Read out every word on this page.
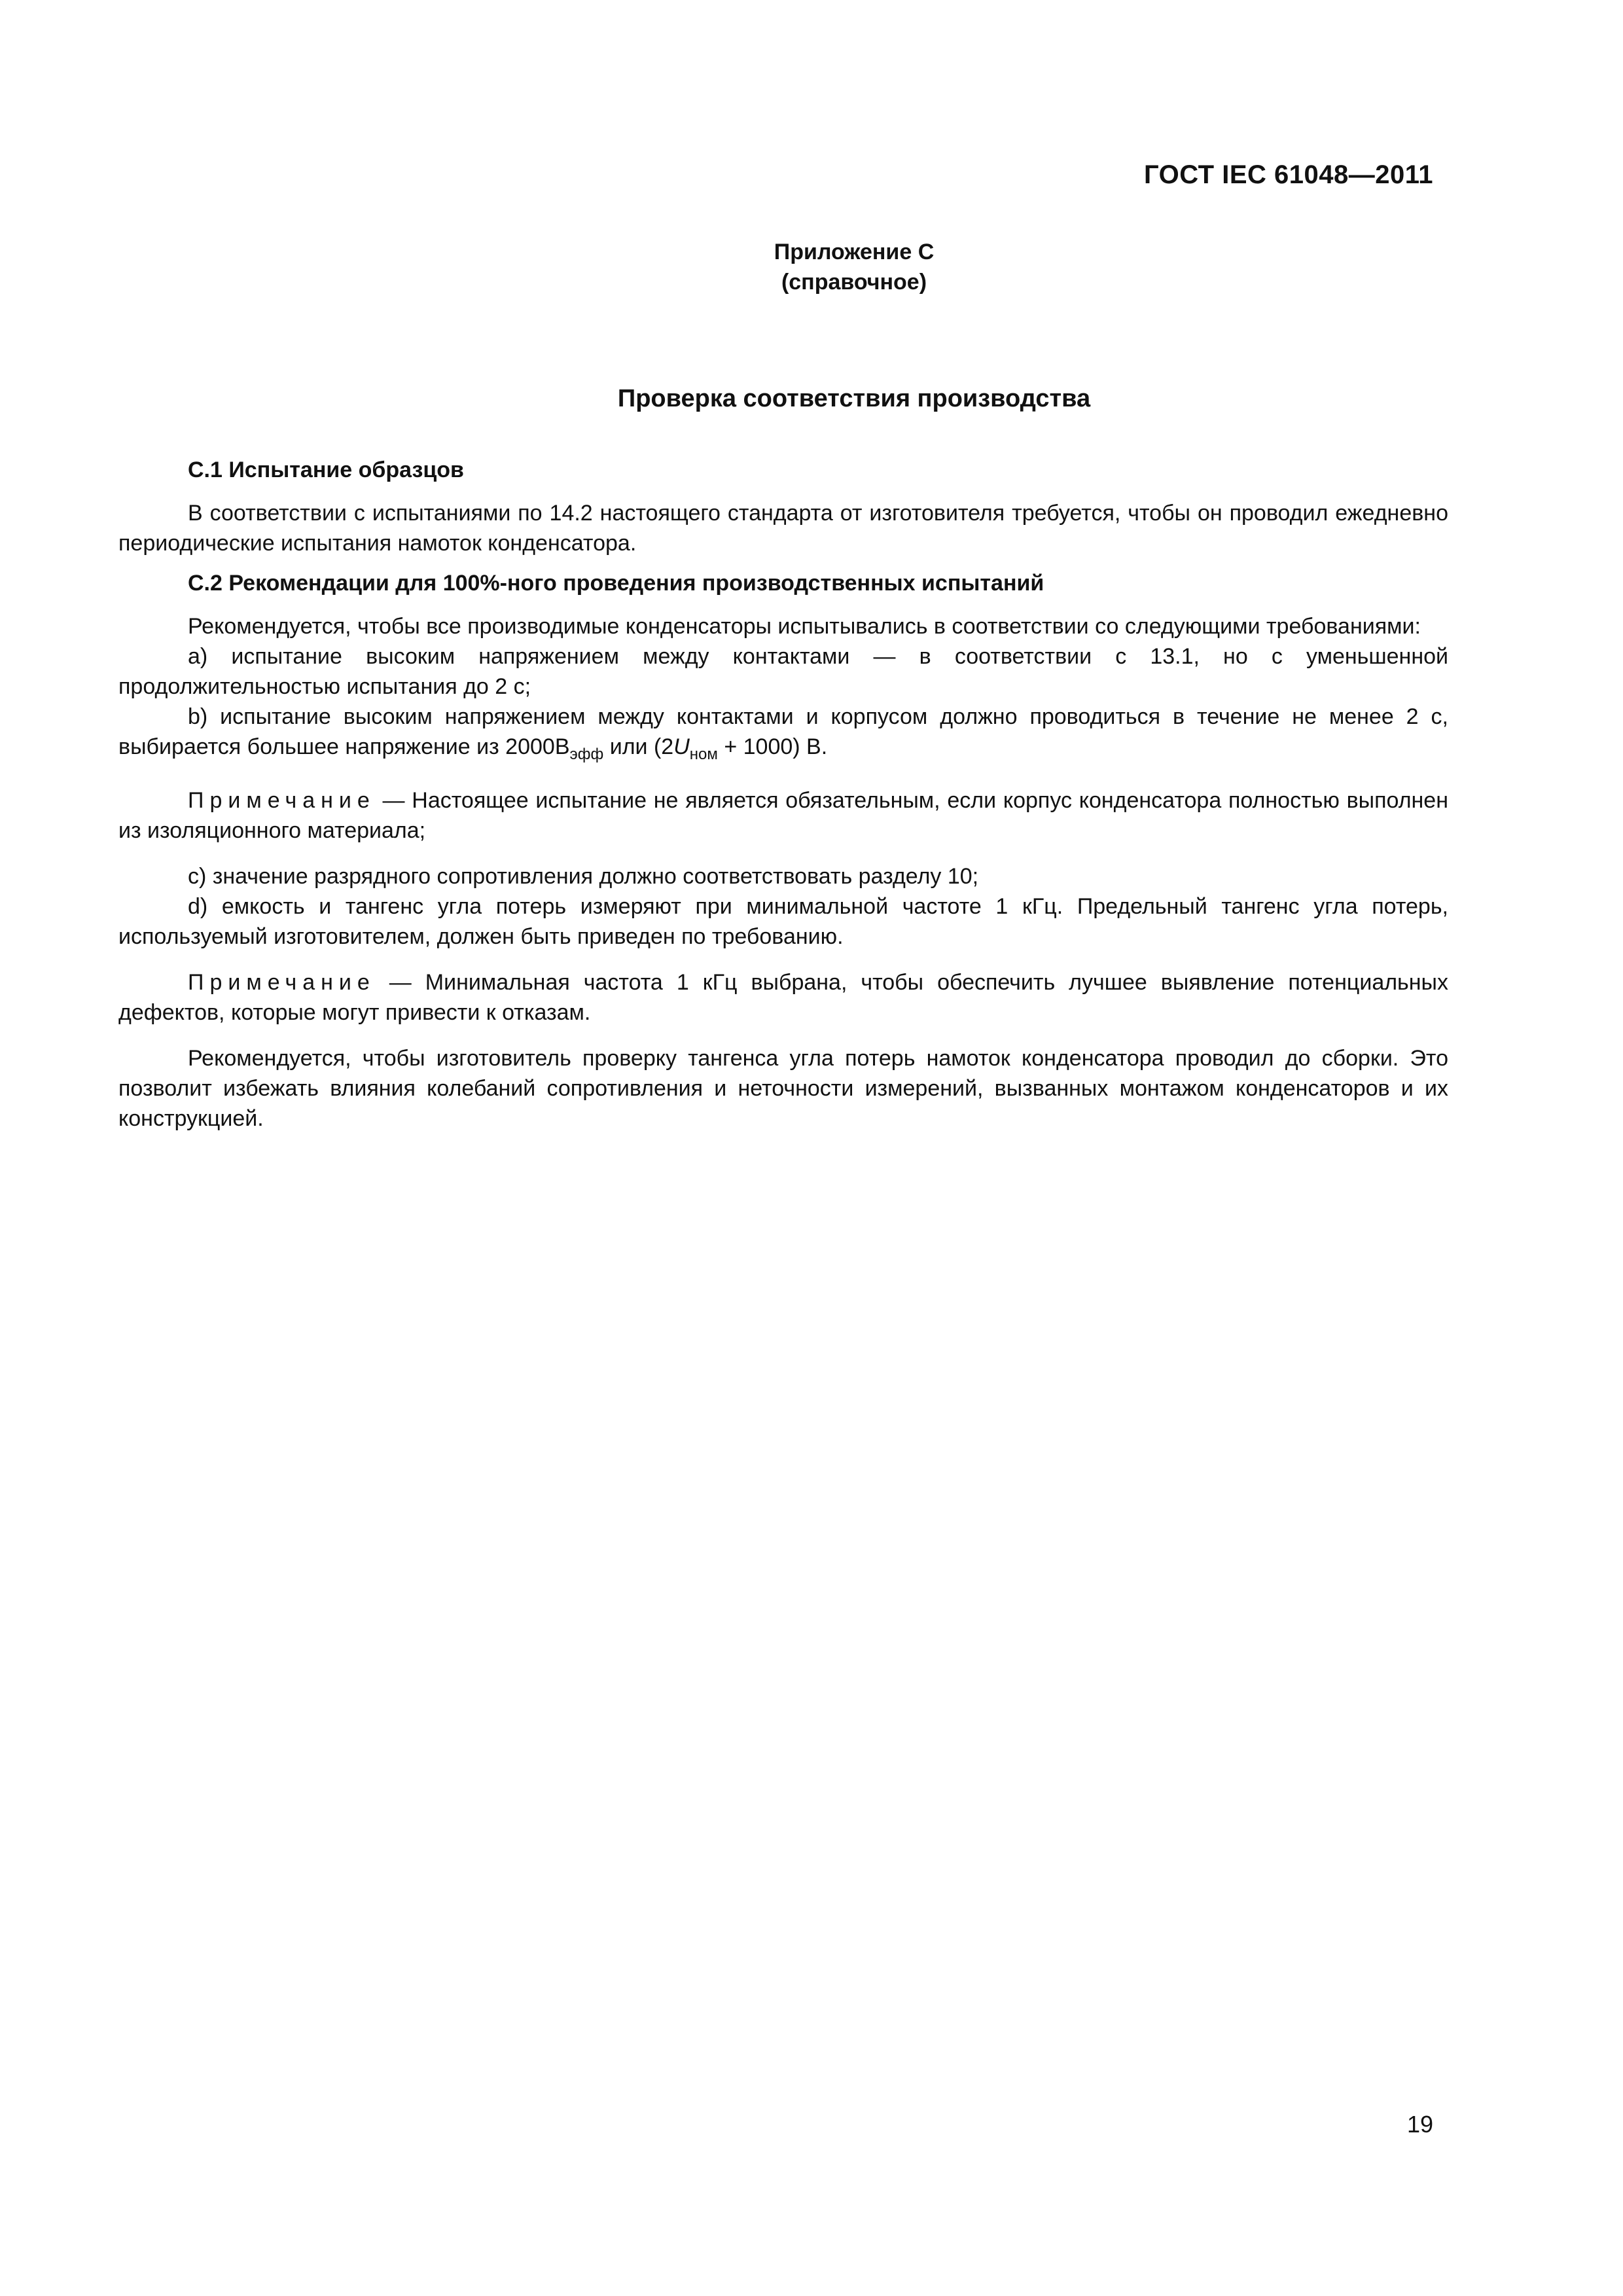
ГОСТ IEC 61048—2011
Приложение С
(справочное)
Проверка соответствия производства

С.1 Испытание образцов

В соответствии с испытаниями по 14.2 настоящего стандарта от изготовителя требуется, чтобы он проводил ежедневно периодические испытания намоток конденсатора.

С.2 Рекомендации для 100%-ного проведения производственных испытаний

Рекомендуется, чтобы все производимые конденсаторы испытывались в соответствии со следующими требованиями:

a) испытание высоким напряжением между контактами — в соответствии с 13.1, но с уменьшенной продолжительностью испытания до 2 с;

b) испытание высоким напряжением между контактами и корпусом должно проводиться в течение не менее 2 с, выбирается большее напряжение из $2000В_{эфф}$ или $(2U_{ном} + 1000)$ В.

Примечание — Настоящее испытание не является обязательным, если корпус конденсатора полностью выполнен из изоляционного материала;

c) значение разрядного сопротивления должно соответствовать разделу 10;

d) емкость и тангенс угла потерь измеряют при минимальной частоте 1 кГц. Предельный тангенс угла потерь, используемый изготовителем, должен быть приведен по требованию.

Примечание — Минимальная частота 1 кГц выбрана, чтобы обеспечить лучшее выявление потенциальных дефектов, которые могут привести к отказам.

Рекомендуется, чтобы изготовитель проверку тангенса угла потерь намоток конденсатора проводил до сборки. Это позволит избежать влияния колебаний сопротивления и неточности измерений, вызванных монтажом конденсаторов и их конструкцией.

19
